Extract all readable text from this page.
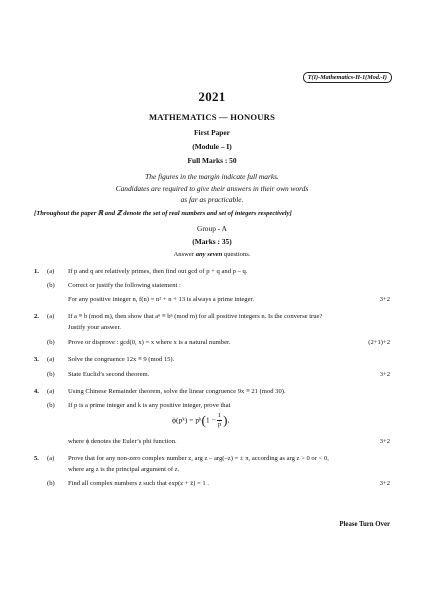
T(I)-Mathematics-H-1(Mod.-I)
2021
MATHEMATICS — HONOURS
First Paper
(Module – I)
Full Marks : 50
The figures in the margin indicate full marks.
Candidates are required to give their answers in their own words
as far as practicable.
[Throughout the paper ℝ and ℤ denote the set of real numbers and set of integers respectively]
Group - A
(Marks : 35)
Answer any seven questions.
1. (a) If p and q are relatively primes, then find out gcd of p + q and p – q.
(b) Correct or justify the following statement :
For any positive integer n, f(n) = n² + n + 13 is always a prime integer.	3+2
2. (a) If a ≡ b (mod m), then show that aⁿ ≡ bⁿ (mod m) for all positive integers n. Is the converse true?
Justify your answer.
(b) Prove or disprove : gcd(0, x) = x where x is a natural number.	(2+1)+2
3. (a) Solve the congruence 12x ≡ 9 (mod 15).
(b) State Euclid’s second theorem.	3+2
4. (a) Using Chinese Remainder theorem, solve the linear congruence 9x ≡ 21 (mod 30).
(b) If p is a prime integer and k is any positive integer, prove that
ϕ(pᵏ) = pᵏ(1 − $\frac{1}{p}$ ),
where ϕ denotes the Euler’s phi function.	3+2
5. (a) Prove that for any non-zero complex number z, arg z – arg(–z) = ± π, according as arg z > 0 or < 0,
where arg z is the principal argument of z.
(b) Find all complex numbers z such that exp(z + z̄) = 1 .	3+2
Please Turn Over
